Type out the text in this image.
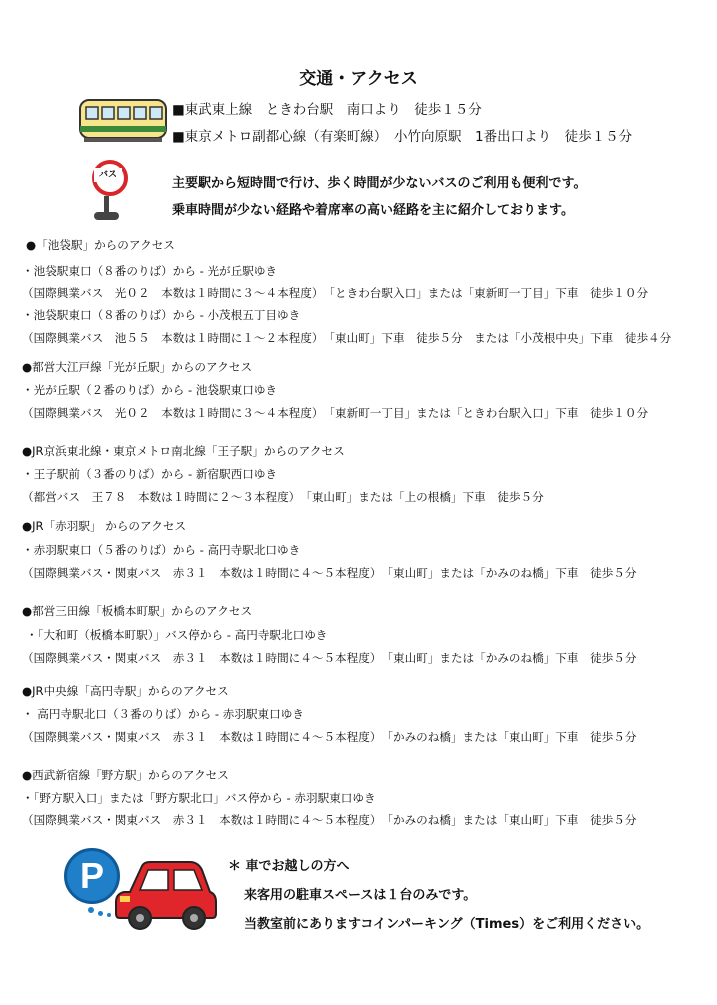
交通・アクセス
■東武東上線　ときわ台駅　南口より　徒歩１５分
■東京メトロ副都心線（有楽町線）　小竹向原駅　1番出口より　徒歩１５分
バス
主要駅から短時間で行け、歩く時間が少ないバスのご利用も便利です。
乗車時間が少ない経路や着席率の高い経路を主に紹介しております。
●「池袋駅」からのアクセス
・池袋駅東口（８番のりば）から - 光が丘駅ゆき
（国際興業バス　光０２　本数は１時間に３～４本程度）　「ときわ台駅入口」または「東新町一丁目」下車　徒歩１０分
・池袋駅東口（８番のりば）から - 小茂根五丁目ゆき
（国際興業バス　池５５　本数は１時間に１～２本程度）　「東山町」下車　徒歩５分　または「小茂根中央」下車　徒歩４分
●都営大江戸線「光が丘駅」からのアクセス
・光が丘駅（２番のりば）から - 池袋駅東口ゆき
（国際興業バス　光０２　本数は１時間に３～４本程度）　「東新町一丁目」または「ときわ台駅入口」下車　徒歩１０分
●JR京浜東北線・東京メトロ南北線「王子駅」からのアクセス
・王子駅前（３番のりば）から - 新宿駅西口ゆき
（都営バス　王７８　本数は１時間に２～３本程度）　「東山町」または「上の根橋」下車　徒歩５分
●JR「赤羽駅」 からのアクセス
・赤羽駅東口（５番のりば）から - 高円寺駅北口ゆき
（国際興業バス・関東バス　赤３１　本数は１時間に４～５本程度）　「東山町」または「かみのね橋」下車　徒歩５分
●都営三田線「板橋本町駅」からのアクセス
・「大和町（板橋本町駅）」バス停から - 高円寺駅北口ゆき
（国際興業バス・関東バス　赤３１　本数は１時間に４～５本程度）　「東山町」または「かみのね橋」下車　徒歩５分
●JR中央線「高円寺駅」からのアクセス
・ 高円寺駅北口（３番のりば）から - 赤羽駅東口ゆき
（国際興業バス・関東バス　赤３１　本数は１時間に４～５本程度）　「かみのね橋」または「東山町」下車　徒歩５分
●西武新宿線「野方駅」からのアクセス
・「野方駅入口」または「野方駅北口」バス停から - 赤羽駅東口ゆき
（国際興業バス・関東バス　赤３１　本数は１時間に４～５本程度）　「かみのね橋」または「東山町」下車　徒歩５分
P	＊ 車でお越しの方へ
来客用の駐車スペースは１台のみです。
当教室前にありますコインパーキング（Times）をご利用ください。
